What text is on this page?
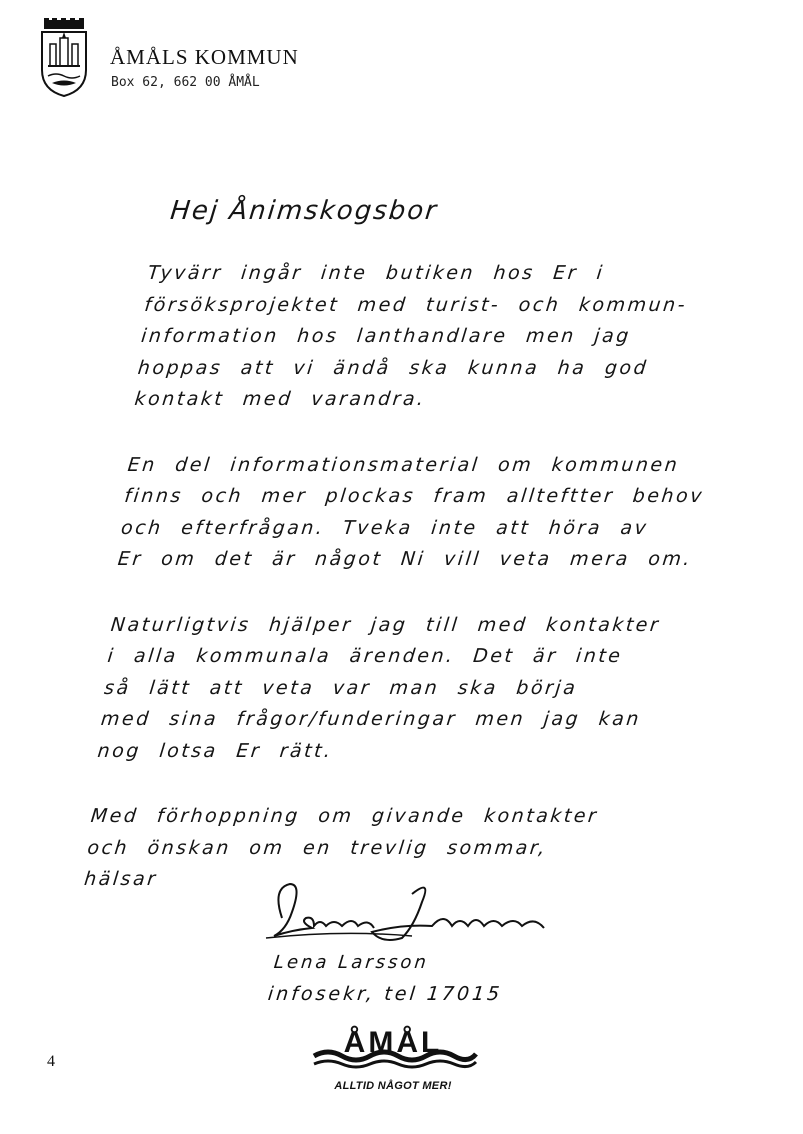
ÅMÅLS KOMMUN
Box 62, 662 00 ÅMÅL
Hej Ånimskogsbor
Tyvärr ingår inte butiken hos Er i
försöksprojektet med turist- och kommun-
information hos lanthandlare men jag
hoppas att vi ändå ska kunna ha god
kontakt med varandra.
En del informationsmaterial om kommunen
finns och mer plockas fram allteftter behov
och efterfrågan. Tveka inte att höra av
Er om det är något Ni vill veta mera om.
Naturligtvis hjälper jag till med kontakter
i alla kommunala ärenden. Det är inte
så lätt att veta var man ska börja
med sina frågor/funderingar men jag kan
nog lotsa Er rätt.
Med förhoppning om givande kontakter
och önskan om en trevlig sommar,
hälsar
Lena Larsson
infosekr, tel 17015
4
ÅMÅL
ALLTID NÅGOT MER!
